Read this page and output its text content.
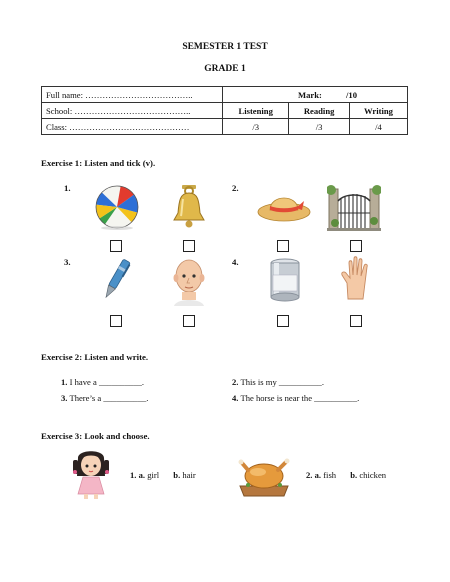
SEMESTER 1 TEST
GRADE 1
Full name: ………………………………..	Mark: /10		
School: …………………………………..	Listening	Reading	Writing
Class: ……………………………………	/3	/3	/4
Exercise 1: Listen and tick (v).
1.	2.
3.	4.
Exercise 2: Listen and write.
1. I have a __________.	2. This is my __________.
3. There’s a __________.	4. The horse is near the __________.
Exercise 3: Look and choose.
1. a. girl b. hair	2. a. fish b. chicken
